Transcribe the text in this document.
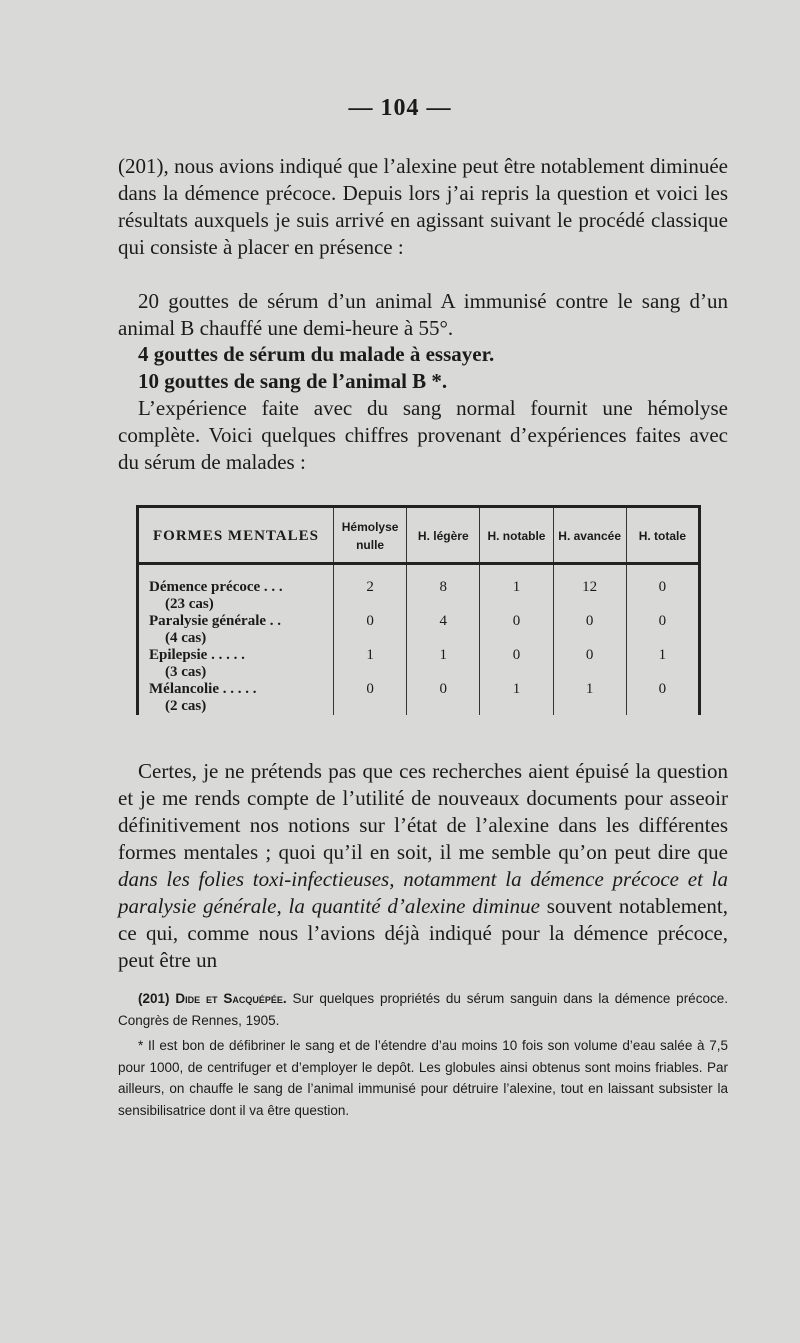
— 104 —

(201), nous avions indiqué que l’alexine peut être notablement diminuée dans la démence précoce. Depuis lors j’ai repris la question et voici les résultats auxquels je suis arrivé en agissant suivant le procédé classique qui consiste à placer en présence :

20 gouttes de sérum d’un animal A immunisé contre le sang d’un animal B chauffé une demi-heure à 55°.

4 gouttes de sérum du malade à essayer.

10 gouttes de sang de l’animal B *.

L’expérience faite avec du sang normal fournit une hémolyse complète. Voici quelques chiffres provenant d’expériences faites avec du sérum de malades :

FORMES MENTALES	Hémolyse nulle	H. légère	H. notable	H. avancée	H. totale

Démence précoce . . .
(23 cas)	2	8	1	12	0

Paralysie générale . .
(4 cas)	0	4	0	0	0

Epilepsie . . . . .
(3 cas)	1	1	0	0	1

Mélancolie . . . . .
(2 cas)	0	0	1	1	0

Certes, je ne prétends pas que ces recherches aient épuisé la question et je me rends compte de l’utilité de nouveaux documents pour asseoir définitivement nos notions sur l’état de l’alexine dans les différentes formes mentales ; quoi qu’il en soit, il me semble qu’on peut dire que dans les folies toxi-infectieuses, notamment la démence précoce et la paralysie générale, la quantité d’alexine diminue souvent notablement, ce qui, comme nous l’avions déjà indiqué pour la démence précoce, peut être un

(201) Dide et Sacquépée. Sur quelques propriétés du sérum sanguin dans la démence précoce. Congrès de Rennes, 1905.

* Il est bon de défibriner le sang et de l’étendre d’au moins 10 fois son volume d’eau salée à 7,5 pour 1000, de centrifuger et d’employer le depôt. Les globules ainsi obtenus sont moins friables. Par ailleurs, on chauffe le sang de l’animal immunisé pour détruire l’alexine, tout en laissant subsister la sensibilisatrice dont il va être question.
